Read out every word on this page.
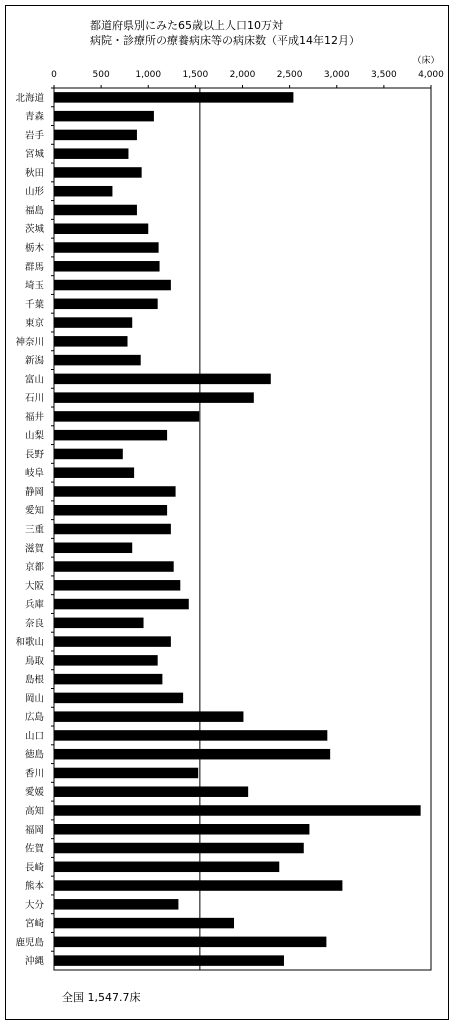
都道府県別にみた65歳以上人口10万対
病院・診療所の療養病床等の病床数（平成14年12月）
0	500	1,000 1,500 2,000 2,500 3,000 3,500 4,000
（床）
北海道
青森
岩手
宮城
秋田
山形
福島
茨城
栃木
群馬
埼玉
千葉
東京
神奈川
新潟
富山
石川
福井
山梨
長野
岐阜
静岡
愛知
三重
滋賀
京都
大阪
兵庫
奈良
和歌山
鳥取
島根
岡山
広島
山口
徳島
香川
愛媛
高知
福岡
佐賀
長崎
熊本
大分
宮崎
鹿児島
沖縄
全国 1,547.7床
